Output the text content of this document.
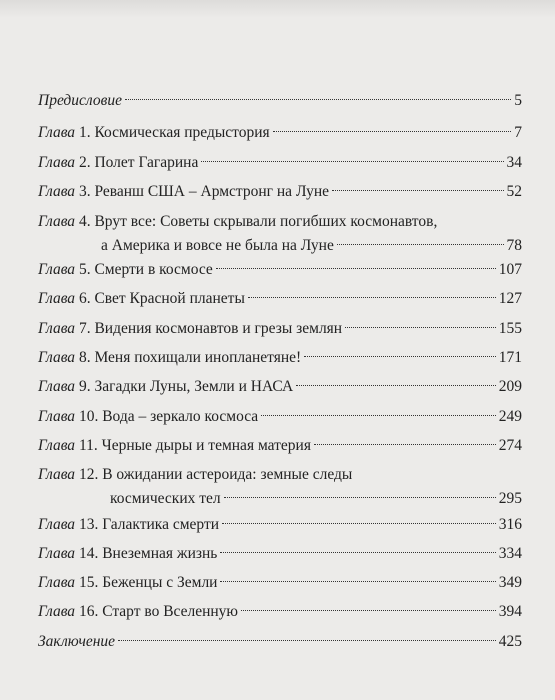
Предисловие	5
Глава 1. Космическая предыстория	7
Глава 2. Полет Гагарина	34
Глава 3. Реванш США – Армстронг на Луне	52
Глава 4. Врут все: Советы скрывали погибших космонавтов,
а Америка и вовсе не была на Луне	78
Глава 5. Смерти в космосе	107
Глава 6. Свет Красной планеты	127
Глава 7. Видения космонавтов и грезы землян	155
Глава 8. Меня похищали инопланетяне!	171
Глава 9. Загадки Луны, Земли и НАСА	209
Глава 10. Вода – зеркало космоса	249
Глава 11. Черные дыры и темная материя	274
Глава 12. В ожидании астероида: земные следы
космических тел	295
Глава 13. Галактика смерти	316
Глава 14. Внеземная жизнь	334
Глава 15. Беженцы с Земли	349
Глава 16. Старт во Вселенную	394
Заключение	425
